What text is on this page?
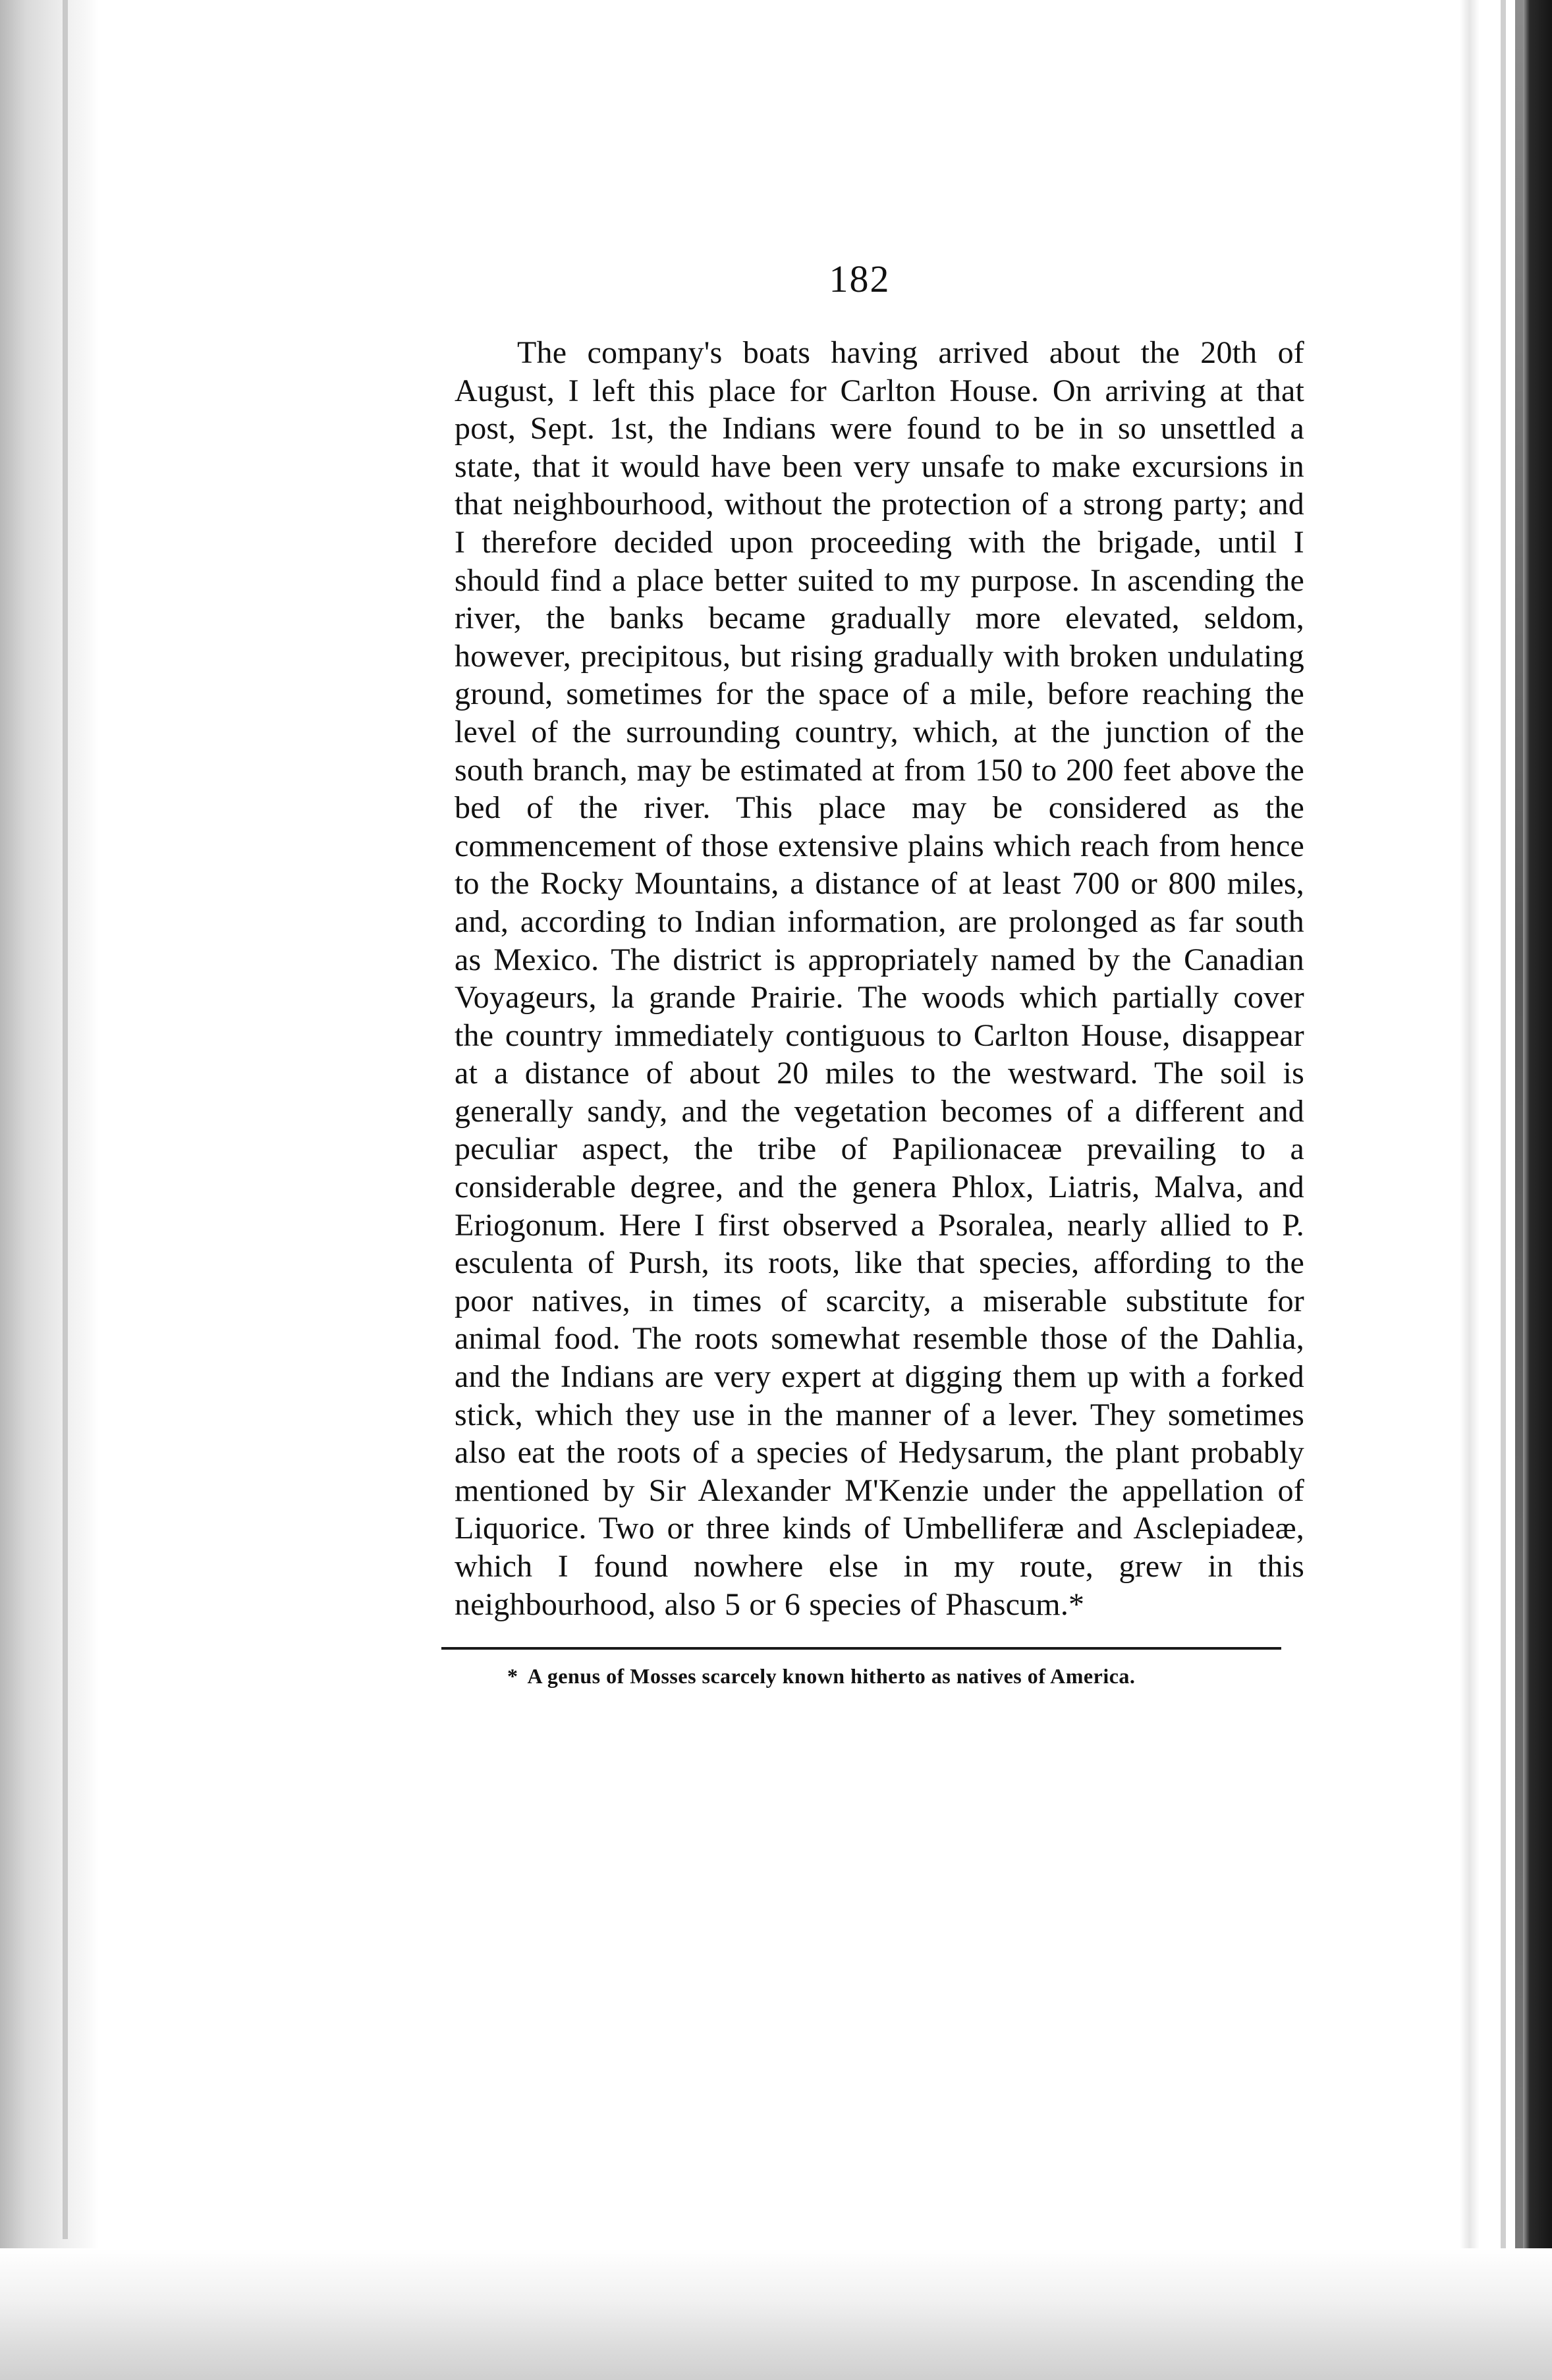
182

The company's boats having arrived about the 20th of August, I left this place for Carlton House. On arriving at that post, Sept. 1st, the Indians were found to be in so unsettled a state, that it would have been very unsafe to make excursions in that neighbourhood, without the protection of a strong party; and I therefore decided upon proceeding with the brigade, until I should find a place better suited to my purpose. In ascending the river, the banks became gradually more elevated, seldom, however, precipitous, but rising gradually with broken undulating ground, sometimes for the space of a mile, before reaching the level of the surrounding country, which, at the junction of the south branch, may be estimated at from 150 to 200 feet above the bed of the river. This place may be considered as the commencement of those extensive plains which reach from hence to the Rocky Mountains, a distance of at least 700 or 800 miles, and, according to Indian information, are prolonged as far south as Mexico. The district is appropriately named by the Canadian Voyageurs, la grande Prairie. The woods which partially cover the country immediately contiguous to Carlton House, disappear at a distance of about 20 miles to the westward. The soil is generally sandy, and the vegetation becomes of a different and peculiar aspect, the tribe of Papilionaceæ prevailing to a considerable degree, and the genera Phlox, Liatris, Malva, and Eriogonum. Here I first observed a Psoralea, nearly allied to P. esculenta of Pursh, its roots, like that species, affording to the poor natives, in times of scarcity, a miserable substitute for animal food. The roots somewhat resemble those of the Dahlia, and the Indians are very expert at digging them up with a forked stick, which they use in the manner of a lever. They sometimes also eat the roots of a species of Hedysarum, the plant probably mentioned by Sir Alexander M'Kenzie under the appellation of Liquorice. Two or three kinds of Umbelliferæ and Asclepiadeæ, which I found nowhere else in my route, grew in this neighbourhood, also 5 or 6 species of Phascum.*

* A genus of Mosses scarcely known hitherto as natives of America.
